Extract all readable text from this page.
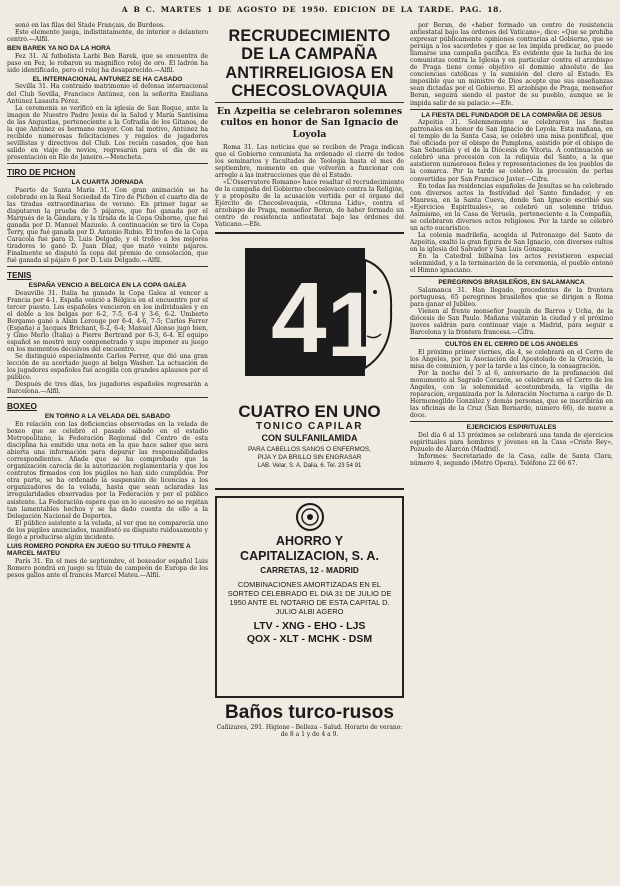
A B C. MARTES 1 DE AGOSTO DE 1950. EDICION DE LA TARDE. PAG. 18.

sonó en las filas del Stade Français, de Burdeos.

Este elemento juega, indistintamente, de interior o delantero centro.—Alfil.

BEN BAREK YA NO DA LA HORA

Fez 31. Al futbolista Larbi Ben Barek, que se encuentra de paso en Fez, le robaron su magnífico reloj de oro. El ladrón ha sido identificado, pero el reloj ha desaparecido.—Alfil.

EL INTERNACIONAL ANTUNEZ SE HA CASADO

Sevilla 31. Ha contraído matrimonio el defensa internacional del Club Sevilla, Francisco Antúnez, con la señorita Emiliana Antúnez Lasauta Pérez.

La ceremonia se verificó en la iglesia de San Roque, ante la imagen de Nuestro Padre Jesús de la Salud y María Santísima de las Angustias, perteneciente a la Cofradía de los Gitanos, de la que Antúnez es hermano mayor. Con tal motivo, Antúnez ha recibido numerosas felicitaciones y regalos de jugadores sevillistas y directivos del Club. Los recién casados, que han salido en viaje de novios, regresarán para el día de su presentación en Río de Janeiro.—Mencheta.

TIRO DE PICHON
LA CUARTA JORNADA

Puerto de Santa María 31. Con gran animación se ha celebrado en la Real Sociedad de Tiro de Pichón el cuarto día de las tiradas extraordinarias de verano. En primer lugar se disputaron la prueba de 5 pájaros, que fué ganada por el Marqués de la Gándara, y la tirada de la Copa Osborne, que fué ganada por D. Manuel Mazuelo. A continuación se tiró la Copa Terry, que fué ganada por D. Antonio Rubio. El trofeo de la Copa Caracola fué para D. Luis Delgado, y el trofeo a los mejores tiradores lo ganó D. Juan Díaz, que mató veinte pájaros. Finalmente se disputó la copa del premio de consolación, que fué ganada al pájaro 6 por D. Luis Delgado.—Alfil.

TENIS
ESPAÑA VENCIO A BELGICA EN LA COPA GALEA

Deauville 31. Italia ha ganado la Copa Galea al vencer a Francia por 4-1. España venció a Bélgica en el encuentro por el tercer puesto. Los españoles vencieron en los individuales y en el doble a los belgas por 6-2, 7-5, 6-4 y 3-6, 6-2. Umberto Bergamo ganó a Alain Lerouge por 6-4, 4-6, 7-5; Carlos Ferrer (España) a Jacques Brichant, 6-2, 6-4; Manuel Alonso jugó bien, y Gino Merlo (Italia) a Pierre Bertrand por 6-3, 6-4. El equipo español se mostró muy compenetrado y supo imponer su juego en los momentos decisivos del encuentro.

Se distinguió especialmente Carlos Ferrer, que dió una gran lección de su acertado juego al belga Washer. La actuación de los jugadores españoles fué acogida con grandes aplausos por el público.

Después de tres días, los jugadores españoles regresarán a Barcelona.—Alfil.

BOXEO
EN TORNO A LA VELADA DEL SABADO

En relación con las deficiencias observadas en la velada de boxeo que se celebró el pasado sábado en el estadio Metropolitano, la Federación Regional del Centro de esta disciplina ha emitido una nota en la que hace saber que será abierta una información para depurar las responsabilidades correspondientes. Añade que se ha comprobado que la organización carecía de la autorización reglamentaria y que los contratos firmados con los púgiles no han sido cumplidos. Por otra parte, se ha ordenado la suspensión de licencias a los organizadores de la velada, hasta que sean aclaradas las irregularidades observadas por la Federación y por el público asistente. La Federación espera que en lo sucesivo no se repitan tan lamentables hechos y se ha dado cuenta de ello a la Delegación Nacional de Deportes.

El público asistente a la velada, al ver que no comparecía uno de los púgiles anunciados, manifestó su disgusto ruidosamente y llegó a producirse algún incidente.

LUIS ROMERO PONDRA EN JUEGO SU TITULO FRENTE A MARCEL MATEU

París 31. En el mes de septiembre, el boxeador español Luis Romero pondrá en juego su título de campeón de Europa de los pesos gallos ante el francés Marcel Mateu.—Alfil.

RECRUDECIMIENTO DE LA CAMPAÑA ANTIRRELIGIOSA EN CHECOSLOVAQUIA
En Azpeitia se celebraron solemnes cultos en honor de San Ignacio de Loyola

Roma 31. Las noticias que se reciben de Praga indican que el Gobierno comunista ha ordenado el cierre de todos los seminarios y facultades de Teología hasta el mes de septiembre, momento en que volverán a funcionar con arreglo a las instrucciones que dé el Estado.

«L'Osservatore Romano» hace resaltar el recrudecimiento de la campaña del Gobierno checoslovaco contra la Religión, y a propósito de la acusación vertida por el órgano del Ejército de Checoslovaquia, «Obrana Lidu», contra el arzobispo de Praga, monseñor Beran, de haber formado un centro de resistencia antiestatal bajo las órdenes del Vaticano.—Efe.

4 1
CUATRO EN UNO
TONICO CAPILAR
CON SULFANILAMIDA
PARA CABELLOS SANOS O ENFERMOS,
PIJA Y DA BRILLO SIN ENGRASAR
LAB. Velar, S. A. Dalia, 6. Tel. 23 54 91
AHORRO Y CAPITALIZACION, S. A.
CARRETAS, 12 - MADRID
COMBINACIONES AMORTIZADAS EN EL SORTEO CELEBRADO EL DIA 31 DE JULIO DE 1950 ANTE EL NOTARIO DE ESTA CAPITAL D. JULIO ALBI AGERO
LTV - XNG - EHO - LJS
QOX - XLT - MCHK - DSM
Baños turco-rusos
Cañizares, 291. Higiene - Belleza - Salud. Horario de verano: de 8 a 1 y de 4 a 9.

por Beran, de «haber formado un centro de resistencia antiestatal bajo las órdenes del Vaticano», dice: «Que se prohiba expresar públicamente opiniones contrarias al Gobierno, que se persiga a los sacerdotes y que se les impida predicar, no puede llamarse una campaña pacífica. Es evidente que la lucha de los comunistas contra la Iglesia y en particular contra el arzobispo de Praga tiene como objetivo el dominio absoluto de las conciencias católicas y la sumisión del clero al Estado. Es imposible que un ministro de Dios acepte que sus enseñanzas sean dictadas por el Gobierno. El arzobispo de Praga, monseñor Beran, seguirá siendo el pastor de su pueblo, aunque se le impida salir de su palacio.»—Efe.

LA FIESTA DEL FUNDADOR DE LA COMPAÑIA DE JESUS

Azpeitia 31. Solemnemente se celebraron las fiestas patronales en honor de San Ignacio de Loyola. Esta mañana, en el templo de la Santa Casa, se celebró una misa pontifical, que fué oficiada por el obispo de Pamplona, asistido por el obispo de San Sebastián y el de la Diócesis de Vitoria. A continuación se celebró una procesión con la reliquia del Santo, a la que asistieron numerosos fieles y representaciones de los pueblos de la comarca. Por la tarde se celebró la procesión de perlas convertidas por San Francisco Javier.—Cifra.

En todas las residencias españolas de Jesuítas se ha celebrado con diversos actos la festividad del Santo fundador, y en Manresa, en la Santa Cueva, donde San Ignacio escribió sus «Ejercicios Espirituales», se celebró un solemne triduo. Asimismo, en la Casa de Veruela, perteneciente a la Compañía, se celebraron diversos actos religiosos. Por la tarde se celebró un acto eucarístico.

La colonia madrileña, acogida al Patronazgo del Santo de Azpeitia, exaltó la gran figura de San Ignacio, con diversos cultos en la iglesia del Salvador y San Luis Gonzaga.

En la Catedral bilbaína los actos revistieron especial solemnidad, y a la terminación de la ceremonia, el pueblo entonó el Himno ignaciano.

PEREGRINOS BRASILEÑOS, EN SALAMANCA

Salamanca 31. Han llegado, procedentes de la frontera portuguesa, 65 peregrinos brasileños que se dirigen a Roma para ganar el Jubileo.

Vienen al frente monseñor Joaquín de Barros y Ucha, de la diócesis de San Paulo. Mañana visitarán la ciudad y el próximo jueves saldrán para continuar viaje a Madrid, para seguir a Barcelona y la frontera francesa.—Cifra.

CULTOS EN EL CERRO DE LOS ANGELES

El próximo primer viernes, día 4, se celebrará en el Cerro de los Ángeles, por la Asociación del Apostolado de la Oración, la misa de comunión, y por la tarde a las cinco, la consagración.

Por la noche del 5 al 6, aniversario de la profanación del monumento al Sagrado Corazón, se celebrará en el Cerro de los Ángeles, con la solemnidad acostumbrada, la vigilia de reparación, organizada por la Adoración Nocturna a cargo de D. Hermenegildo González y demás personas, que se inscribirán en las oficinas de la Cruz (San Bernardo, número 66), de nueve a doce.

EJERCICIOS ESPIRITUALES

Del día 6 al 13 próximos se celebrará una tanda de ejercicios espirituales para hombres y jóvenes en la Casa «Cristo Rey», Pozuelo de Alarcón (Madrid).

Informes: Secretariado de la Casa, calle de Santa Clara, número 4, segundo (Metro Opera). Teléfono 22 66 67.
